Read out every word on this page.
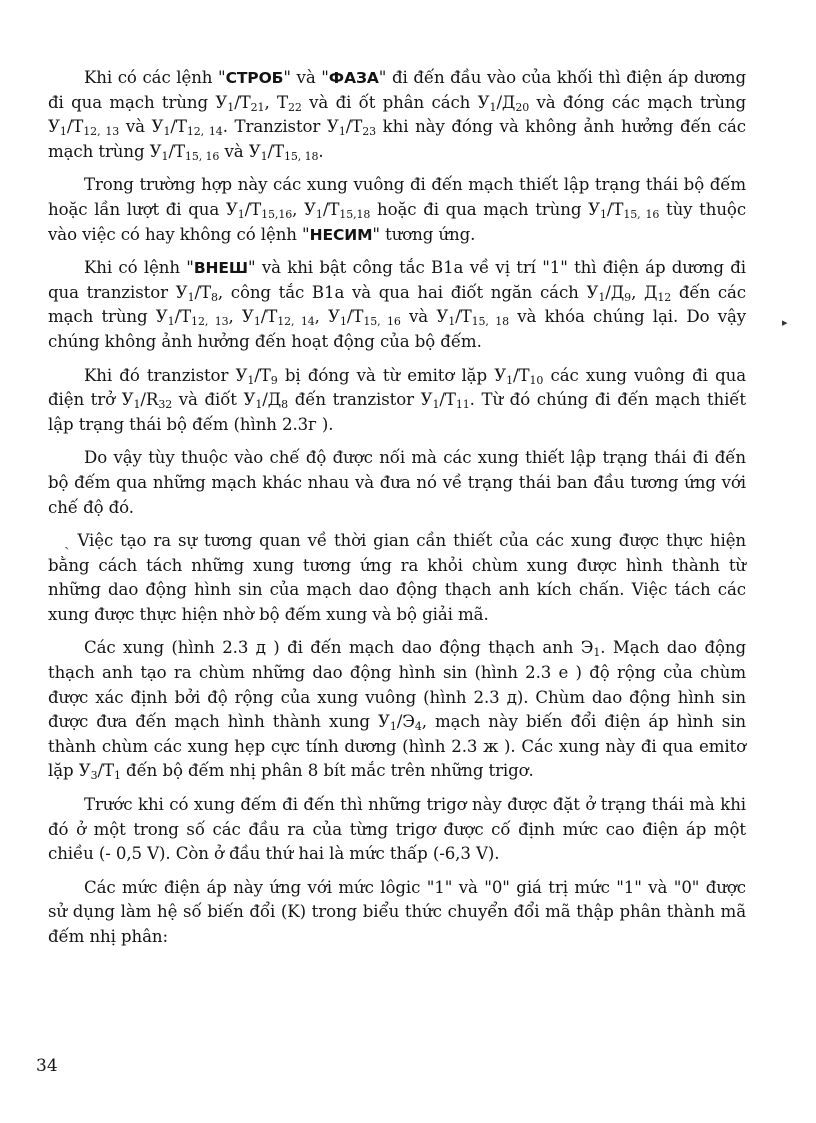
Khi có các lệnh "СТРОБ" và "ФАЗА" đi đến đầu vào của khối thì điện áp dương đi qua mạch trùng $У_1/T_{21}$, $T_{22}$ và đi ốt phân cách $У_1/Д_{20}$ và đóng các mạch trùng $У_1/T_{12, 13}$ và $У_1/T_{12, 14}$. Tranzistor $У_1/T_{23}$ khi này đóng và không ảnh hưởng đến các mạch trùng $У_1/T_{15, 16}$ và $У_1/T_{15, 18}$.

Trong trường hợp này các xung vuông đi đến mạch thiết lập trạng thái bộ đếm hoặc lần lượt đi qua $У_1/T_{15,16}$, $У_1/T_{15,18}$ hoặc đi qua mạch trùng $У_1/T_{15, 16}$ tùy thuộc vào việc có hay không có lệnh "НЕСИМ" tương ứng.

Khi có lệnh "ВНЕШ" và khi bật công tắc B1a về vị trí "1" thì điện áp dương đi qua tranzistor $У_1/T_8$, công tắc B1a và qua hai điốt ngăn cách $У_1/Д_9$, $Д_{12}$ đến các mạch trùng $У_1/T_{12, 13}$, $У_1/T_{12, 14}$, $У_1/T_{15, 16}$ và $У_1/T_{15, 18}$ và khóa chúng lại. Do vậy chúng không ảnh hưởng đến hoạt động của bộ đếm.

Khi đó tranzistor $У_1/T_9$ bị đóng và từ emitơ lặp $У_1/T_{10}$ các xung vuông đi qua điện trở $У_1/R_{32}$ và điốt $У_1/Д_8$ đến tranzistor $У_1/T_{11}$. Từ đó chúng đi đến mạch thiết lập trạng thái bộ đếm (hình 2.3г ).

Do vậy tùy thuộc vào chế độ được nối mà các xung thiết lập trạng thái đi đến bộ đếm qua những mạch khác nhau và đưa nó về trạng thái ban đầu tương ứng với chế độ đó.

ˎ Việc tạo ra sự tương quan về thời gian cần thiết của các xung được thực hiện bằng cách tách những xung tương ứng ra khỏi chùm xung được hình thành từ những dao động hình sin của mạch dao động thạch anh kích chấn. Việc tách các xung được thực hiện nhờ bộ đếm xung và bộ giải mã.

Các xung (hình 2.3 д ) đi đến mạch dao động thạch anh $Э_1$. Mạch dao động thạch anh tạo ra chùm những dao động hình sin (hình 2.3 e ) độ rộng của chùm được xác định bởi độ rộng của xung vuông (hình 2.3 д). Chùm dao động hình sin được đưa đến mạch hình thành xung $У_1/Э_4$, mạch này biến đổi điện áp hình sin thành chùm các xung hẹp cực tính dương (hình 2.3 ж ). Các xung này đi qua emitơ lặp $У_3/T_1$ đến bộ đếm nhị phân 8 bít mắc trên những trigơ.

Trước khi có xung đếm đi đến thì những trigơ này được đặt ở trạng thái mà khi đó ở một trong số các đầu ra của từng trigơ được cố định mức cao điện áp một chiều (- 0,5 V). Còn ở đầu thứ hai là mức thấp (-6,3 V).

Các mức điện áp này ứng với mức lôgic "1" và "0" giá trị mức "1" và "0" được sử dụng làm hệ số biến đổi (K) trong biểu thức chuyển đổi mã thập phân thành mã đếm nhị phân:

▸
34
